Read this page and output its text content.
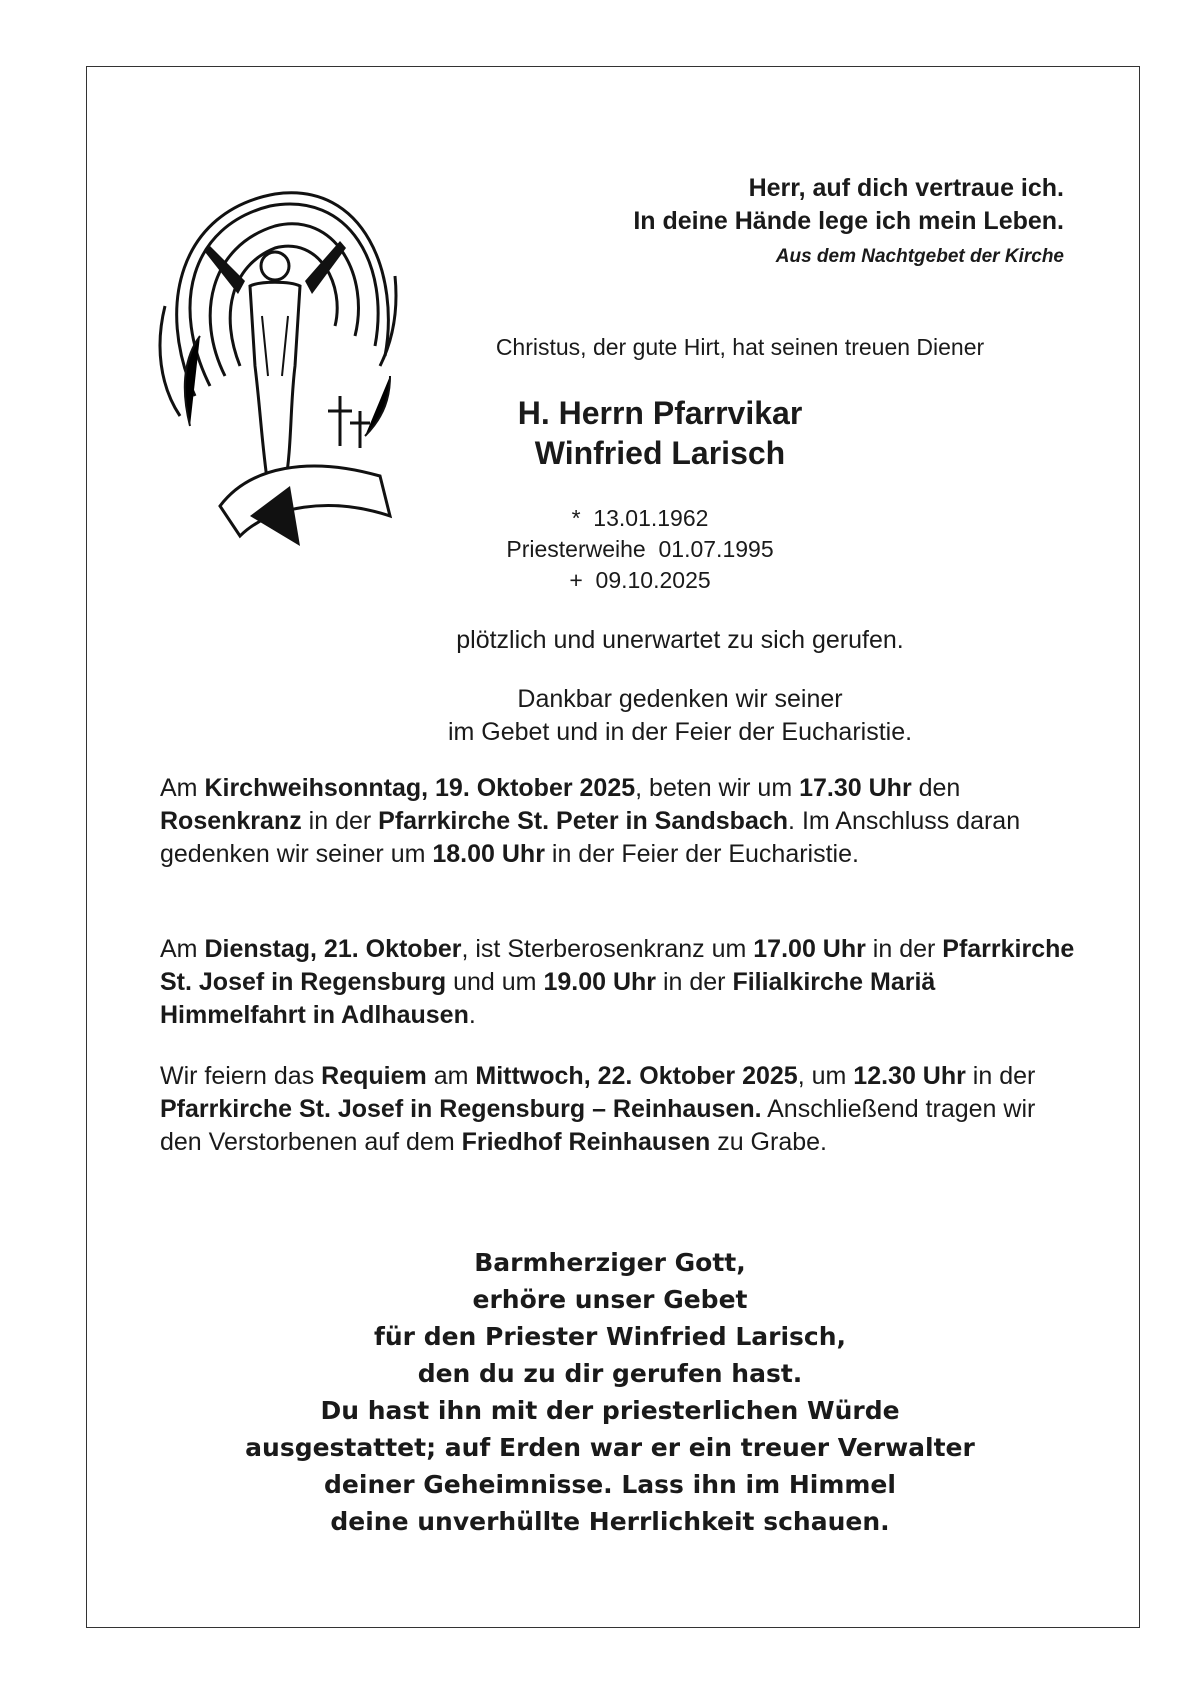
Herr, auf dich vertraue ich.
In deine Hände lege ich mein Leben.
Aus dem Nachtgebet der Kirche
Christus, der gute Hirt, hat seinen treuen Diener
H. Herrn Pfarrvikar
Winfried Larisch
*  13.01.1962
Priesterweihe  01.07.1995
+  09.10.2025
plötzlich und unerwartet zu sich gerufen.
Dankbar gedenken wir seiner
im Gebet und in der Feier der Eucharistie.
Am Kirchweihsonntag, 19. Oktober 2025, beten wir um 17.30 Uhr den Rosenkranz in der Pfarrkirche St. Peter in Sandsbach. Im Anschluss daran gedenken wir seiner um 18.00 Uhr in der Feier der Eucharistie.
Am Dienstag, 21. Oktober, ist Sterberosenkranz um 17.00 Uhr in der Pfarrkirche St. Josef in Regensburg und um 19.00 Uhr in der Filialkirche Mariä Himmelfahrt in Adlhausen.
Wir feiern das Requiem am Mittwoch, 22. Oktober 2025, um 12.30 Uhr in der Pfarrkirche St. Josef in Regensburg – Reinhausen. Anschließend tragen wir den Verstorbenen auf dem Friedhof Reinhausen zu Grabe.
Barmherziger Gott,
erhöre unser Gebet
für den Priester Winfried Larisch,
den du zu dir gerufen hast.
Du hast ihn mit der priesterlichen Würde
ausgestattet; auf Erden war er ein treuer Verwalter
deiner Geheimnisse. Lass ihn im Himmel
deine unverhüllte Herrlichkeit schauen.
